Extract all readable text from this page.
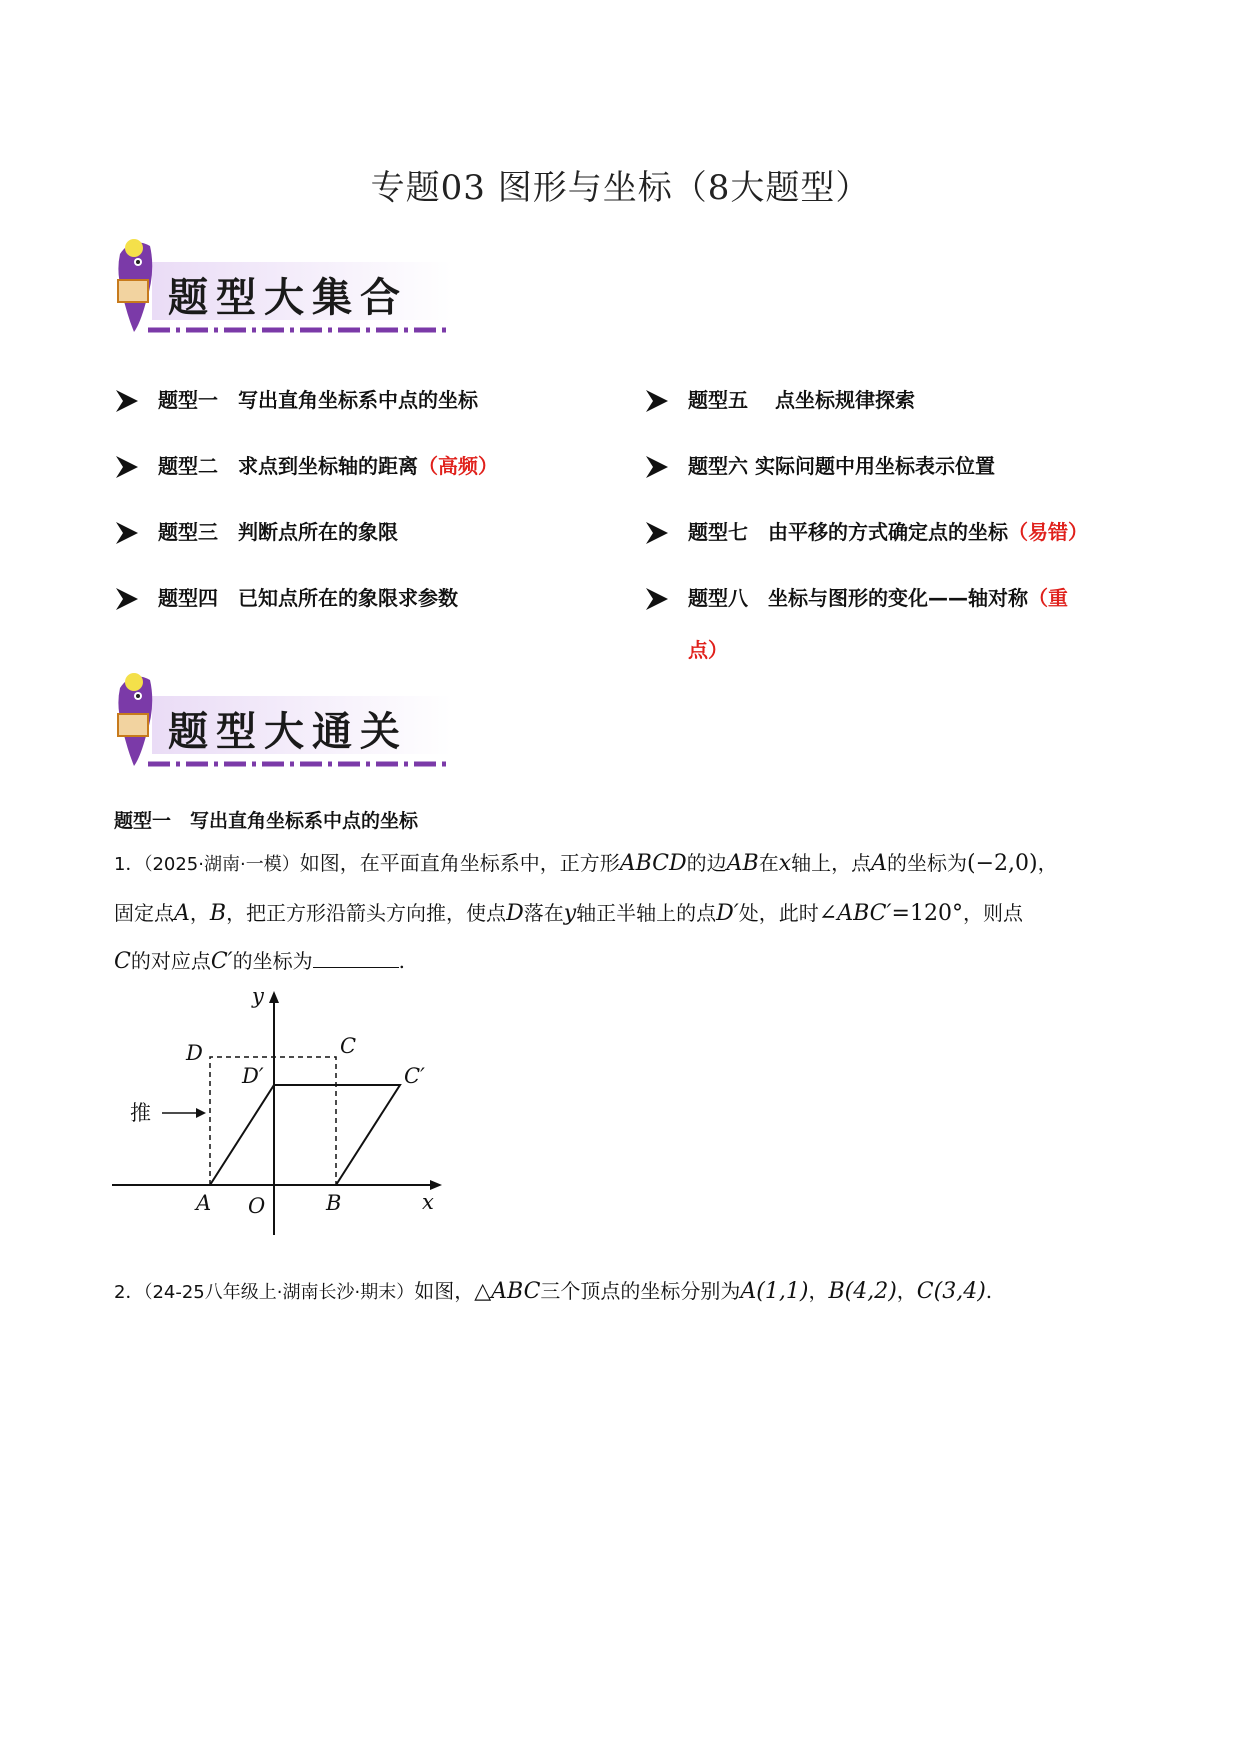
专题03 图形与坐标（8大题型）
题型大集合
题型一　写出直角坐标系中点的坐标
题型二　求点到坐标轴的距离（高频）
题型三　判断点所在的象限
题型四　已知点所在的象限求参数
题型五　 点坐标规律探索
题型六 实际问题中用坐标表示位置
题型七　由平移的方式确定点的坐标（易错）
题型八　坐标与图形的变化——轴对称（重
点）
题型大通关
题型一　写出直角坐标系中点的坐标
1．（2025·湖南·一模）如图，在平面直角坐标系中，正方形ABCD的边AB在x轴上，点A的坐标为(−2,0)，
固定点A，B，把正方形沿箭头方向推，使点D落在y轴正半轴上的点D′处，此时∠ABC′=120°，则点
C的对应点C′的坐标为	.
D	C
D′	C′
A O	B	x
y
推
2．（24-25八年级上·湖南长沙·期末）如图，△ABC三个顶点的坐标分别为A(1,1)，B(4,2)，C(3,4).
